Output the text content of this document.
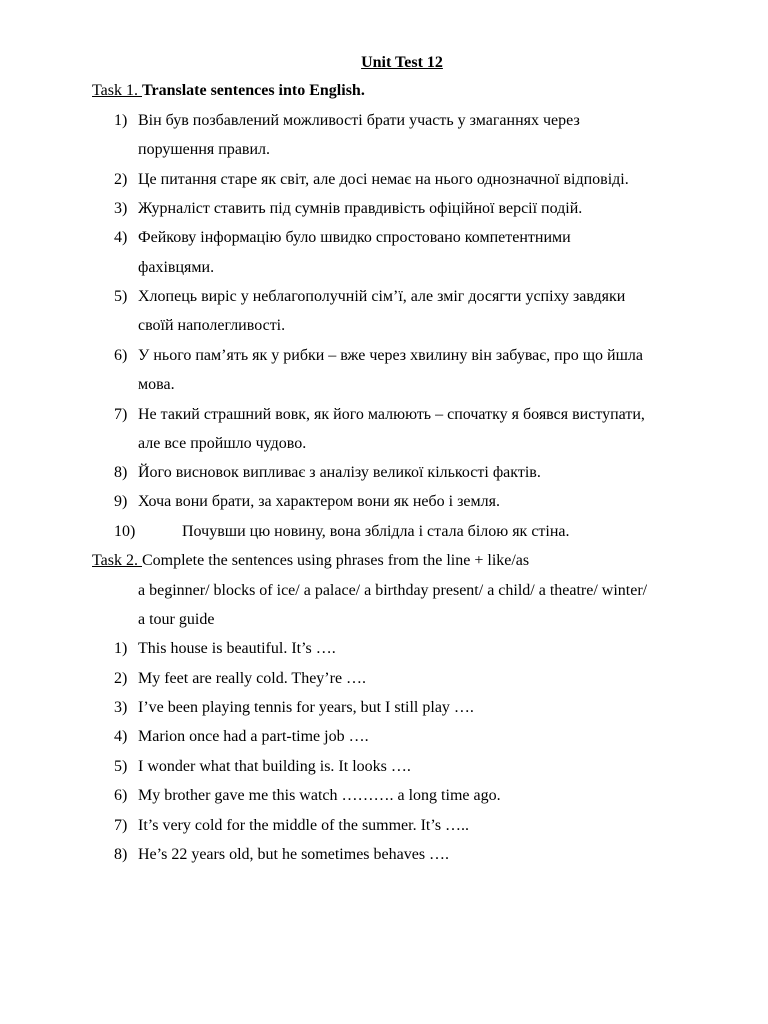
Unit Test 12
Task 1. Translate sentences into English.
1) Він був позбавлений можливості брати участь у змаганнях через
порушення правил.
2) Це питання старе як світ, але досі немає на нього однозначної відповіді.
3) Журналіст ставить під сумнів правдивість офіційної версії подій.
4) Фейкову інформацію було швидко спростовано компетентними
фахівцями.
5) Хлопець виріс у неблагополучній сім’ї, але зміг досягти успіху завдяки
своїй наполегливості.
6) У нього пам’ять як у рибки – вже через хвилину він забуває, про що йшла
мова.
7) Не такий страшний вовк, як його малюють – спочатку я боявся виступати,
але все пройшло чудово.
8) Його висновок випливає з аналізу великої кількості фактів.
9) Хоча вони брати, за характером вони як небо і земля.
10)	Почувши цю новину, вона зблідла і стала білою як стіна.
Task 2. Complete the sentences using phrases from the line + like/as
a beginner/ blocks of ice/ a palace/ a birthday present/ a child/ a theatre/ winter/
a tour guide
1) This house is beautiful. It’s ….
2) My feet are really cold. They’re ….
3) I’ve been playing tennis for years, but I still play ….
4) Marion once had a part-time job ….
5) I wonder what that building is. It looks ….
6) My brother gave me this watch ………. a long time ago.
7) It’s very cold for the middle of the summer. It’s …..
8) He’s 22 years old, but he sometimes behaves ….
